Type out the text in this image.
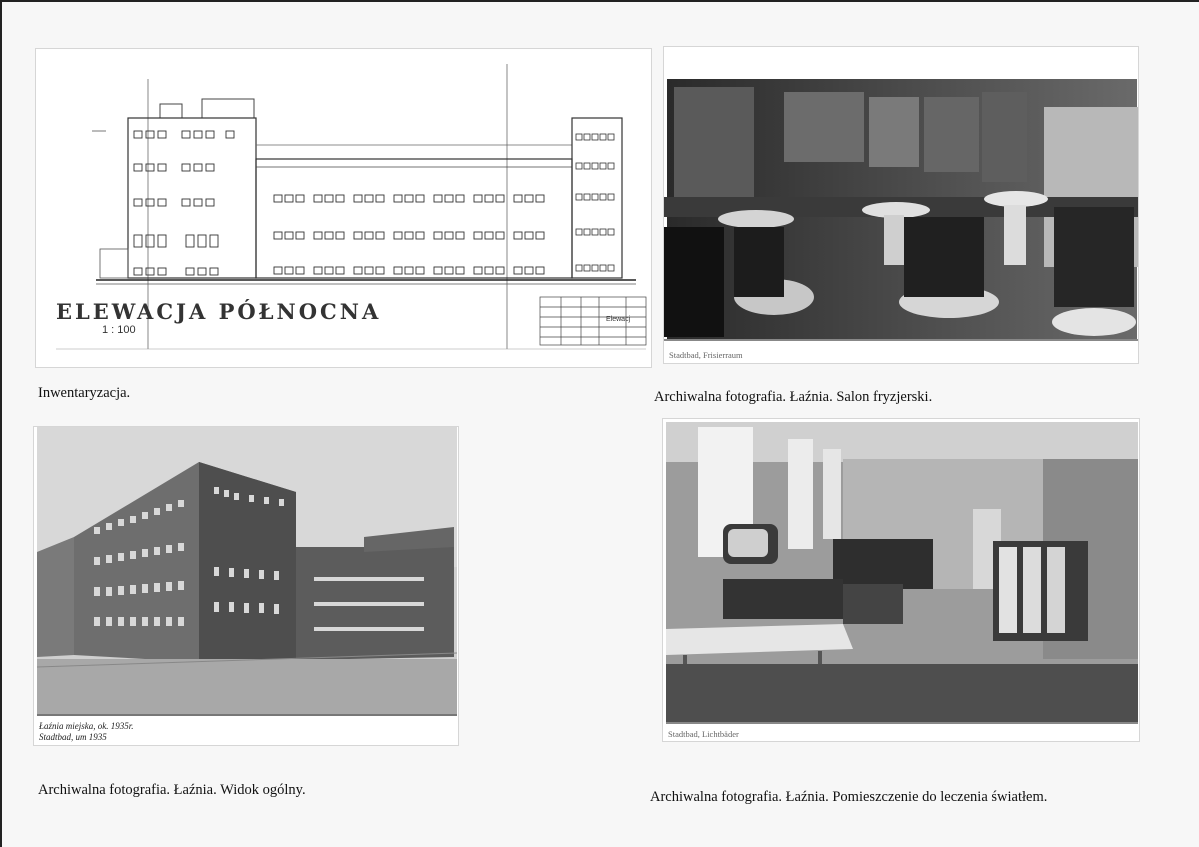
ELEWACJA PÓŁNOCNA
1 : 100
Elewacj
Inwentaryzacja.
Stadtbad, Frisierraum
Archiwalna fotografia. Łaźnia. Salon fryzjerski.
Łaźnia miejska, ok. 1935r.
Stadtbad, um 1935
Archiwalna fotografia. Łaźnia. Widok ogólny.
Stadtbad, Lichtbäder
Archiwalna fotografia. Łaźnia. Pomieszczenie do leczenia światłem.
